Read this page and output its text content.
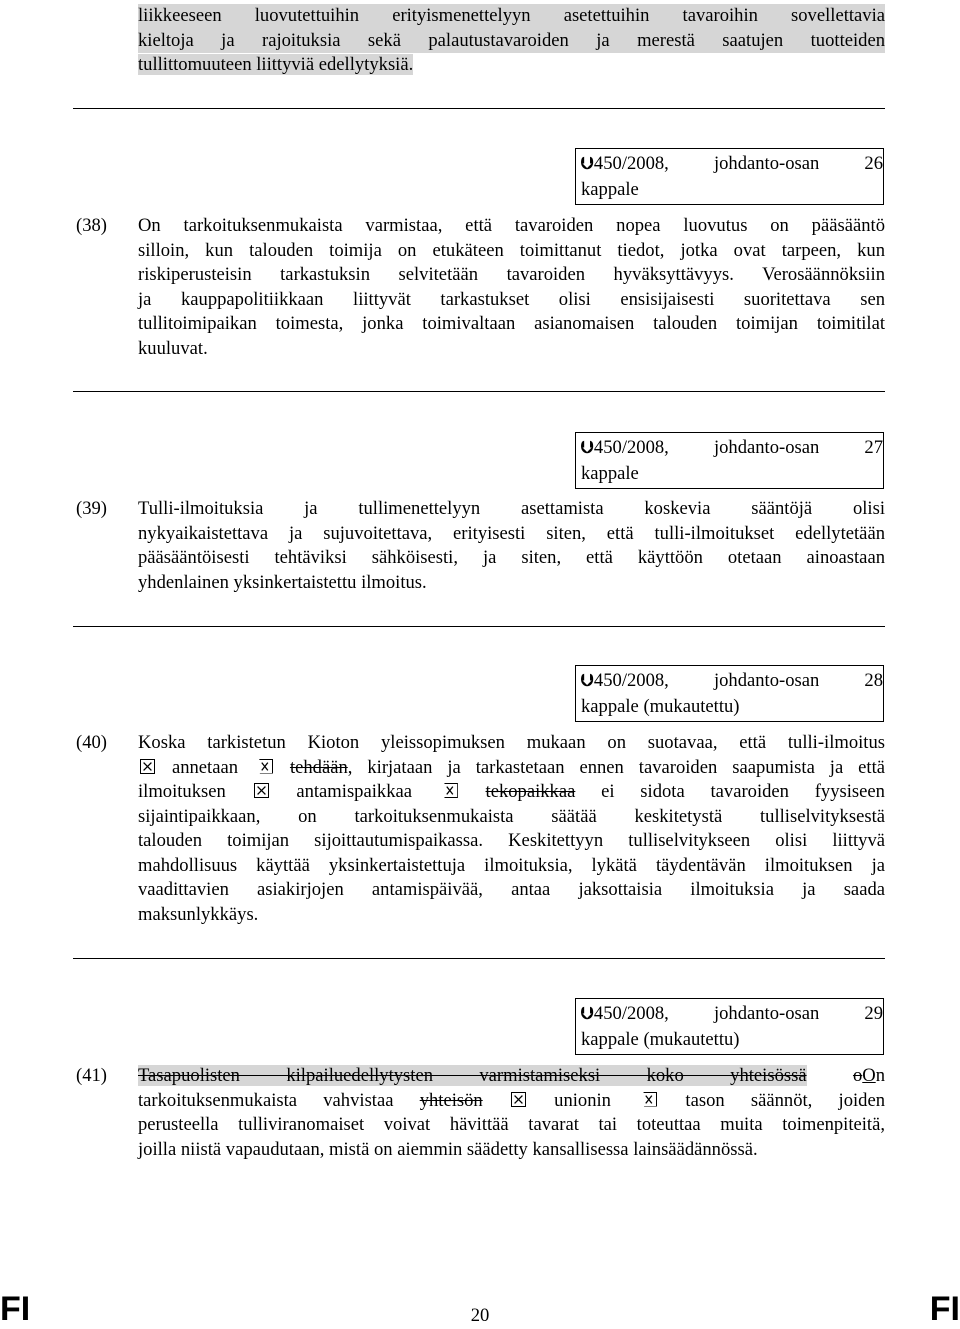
liikkeeseen luovutettuihin erityismenettelyyn asetettuihin tavaroihin sovellettavia
kieltoja ja rajoituksia sekä palautustavaroiden ja merestä saatujen tuotteiden
tullittomuuteen liittyviä edellytyksiä.
⮋450/2008, johdanto-osan 26
kappale
(38) On tarkoituksenmukaista varmistaa, että tavaroiden nopea luovutus on pääsääntö
silloin, kun talouden toimija on etukäteen toimittanut tiedot, jotka ovat tarpeen, kun
riskiperusteisin tarkastuksin selvitetään tavaroiden hyväksyttävyys. Verosäännöksiin
ja kauppapolitiikkaan liittyvät tarkastukset olisi ensisijaisesti suoritettava sen
tullitoimipaikan toimesta, jonka toimivaltaan asianomaisen talouden toimijan toimitilat
kuuluvat.
⮋450/2008, johdanto-osan 27
kappale
(39) Tulli-ilmoituksia ja tullimenettelyyn asettamista koskevia sääntöjä olisi
nykyaikaistettava ja sujuvoitettava, erityisesti siten, että tulli-ilmoitukset edellytetään
pääsääntöisesti tehtäviksi sähköisesti, ja siten, että käyttöön otetaan ainoastaan
yhdenlainen yksinkertaistettu ilmoitus.
⮋450/2008, johdanto-osan 28
kappale (mukautettu)
(40) Koska tarkistetun Kioton yleissopimuksen mukaan on suotavaa, että tulli-ilmoitus
annetaan	tehdään, kirjataan ja tarkastetaan ennen tavaroiden saapumista ja että
ilmoituksen	antamispaikkaa	tekopaikkaa ei sidota tavaroiden fyysiseen
sijaintipaikkaan, on tarkoituksenmukaista säätää keskitetystä tulliselvityksestä
talouden toimijan sijoittautumispaikassa. Keskitettyyn tulliselvitykseen olisi liittyvä
mahdollisuus käyttää yksinkertaistettuja ilmoituksia, lykätä täydentävän ilmoituksen ja
vaadittavien asiakirjojen antamispäivää, antaa jaksottaisia ilmoituksia ja saada
maksunlykkäys.
⮋450/2008, johdanto-osan 29
kappale (mukautettu)
(41) Tasapuolisten kilpailuedellytysten varmistamiseksi koko yhteisössä oOn
tarkoituksenmukaista vahvistaa yhteisön	unionin	tason säännöt, joiden
perusteella tulliviranomaiset voivat hävittää tavarat tai toteuttaa muita toimenpiteitä,
joilla niistä vapaudutaan, mistä on aiemmin säädetty kansallisessa lainsäädännössä.
FI	20	FI
